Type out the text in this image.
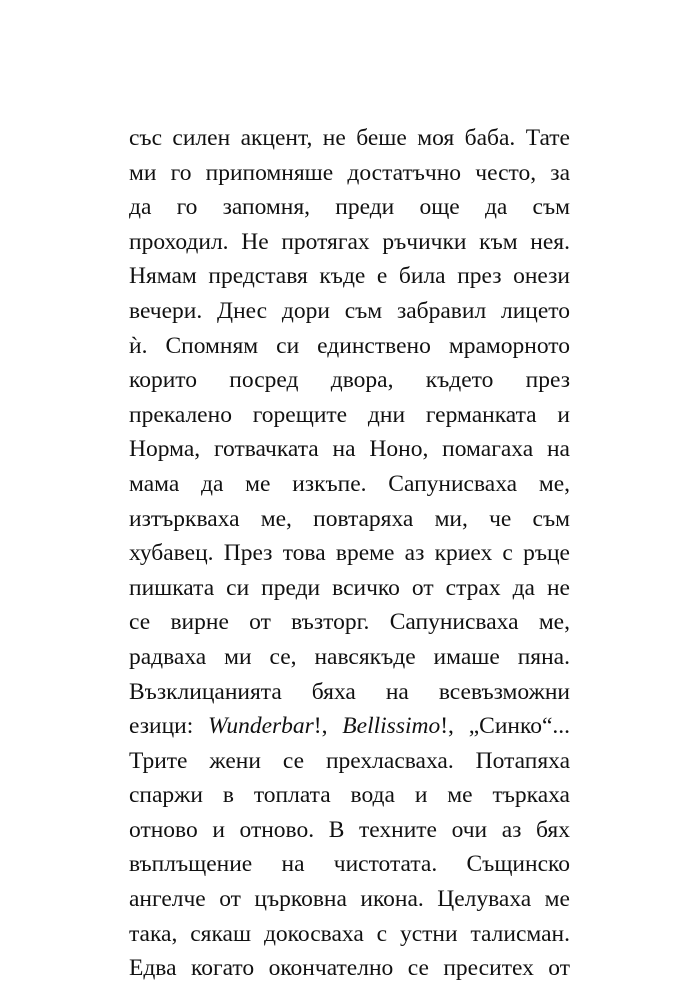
със силен акцент, не беше моя баба. Тате
ми го припомняше достатъчно често, за
да го запомня, преди още да съм
проходил. Не протягах ръчички към нея.
Нямам представя къде е била през онези
вечери. Днес дори съм забравил лицето
ѝ. Спомням си единствено мраморното
корито посред двора, където през
прекалено горещите дни германката и
Норма, готвачката на Ноно, помагаха на
мама да ме изкъпе. Сапунисваха ме,
изтъркваха ме, повтаряха ми, че съм
хубавец. През това време аз криех с ръце
пишката си преди всичко от страх да не
се вирне от възторг. Сапунисваха ме,
радваха ми се, навсякъде имаше пяна.
Възклицанията бяха на всевъзможни
езици: Wunderbar!, Bellissimo!, „Синко“...
Трите жени се прехласваха. Потапяха
спаржи в топлата вода и ме търкаха
отново и отново. В техните очи аз бях
въплъщение на чистотата. Същинско
ангелче от църковна икона. Целуваха ме
така, сякаш докосваха с устни талисман.
Едва когато окончателно се преситех от
